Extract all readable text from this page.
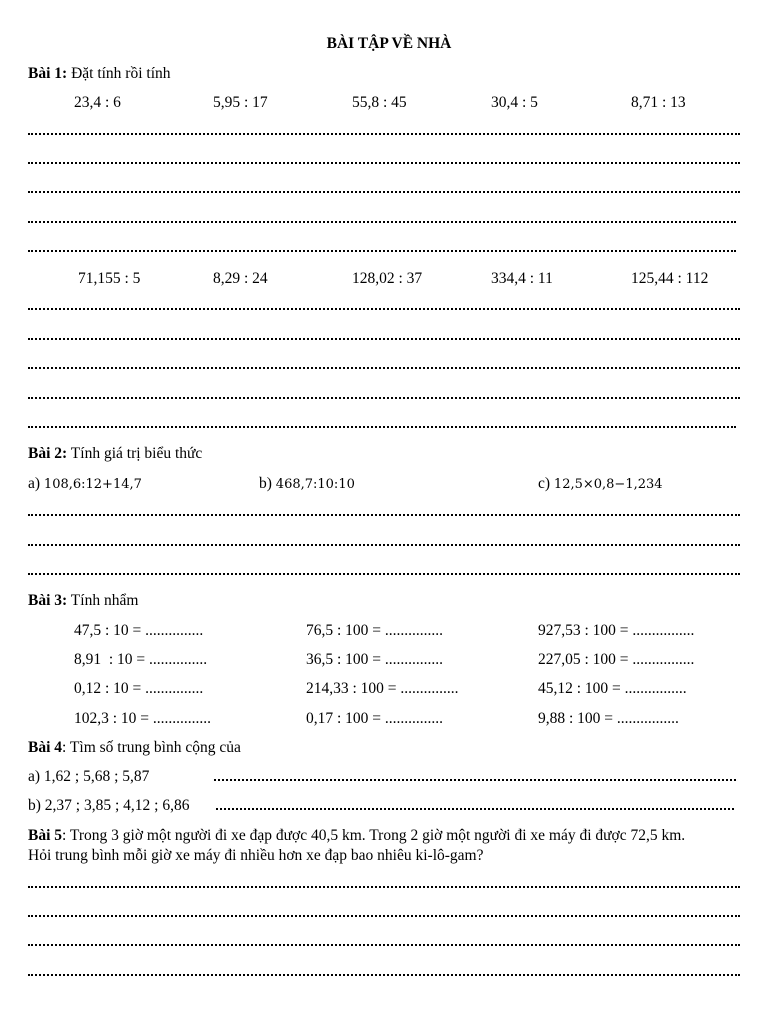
BÀI TẬP VỀ NHÀ
Bài 1: Đặt tính rồi tính
23,4 : 6	5,95 : 17	55,8 : 45	30,4 : 5	8,71 : 13
71,155 : 5	8,29 : 24	128,02 : 37	334,4 : 11	125,44 : 112
Bài 2: Tính giá trị biểu thức
a) 108,6:12+14,7	b) 468,7:10:10	c) 12,5×0,8−1,234
Bài 3: Tính nhẩm
47,5 : 10 = ...............	76,5 : 100 = ...............	927,53 : 100 = ................
8,91  : 10 = ...............	36,5 : 100 = ...............	227,05 : 100 = ................
0,12 : 10 = ...............	214,33 : 100 = ...............	45,12 : 100 = ................
102,3 : 10 = ...............	0,17 : 100 = ...............	9,88 : 100 = ................
Bài 4: Tìm số trung bình cộng của
a) 1,62 ; 5,68 ; 5,87
b) 2,37 ; 3,85 ; 4,12 ; 6,86
Bài 5: Trong 3 giờ một người đi xe đạp được 40,5 km. Trong 2 giờ một người đi xe máy đi được 72,5 km.
Hỏi trung bình mỗi giờ xe máy đi nhiều hơn xe đạp bao nhiêu ki-lô-gam?
